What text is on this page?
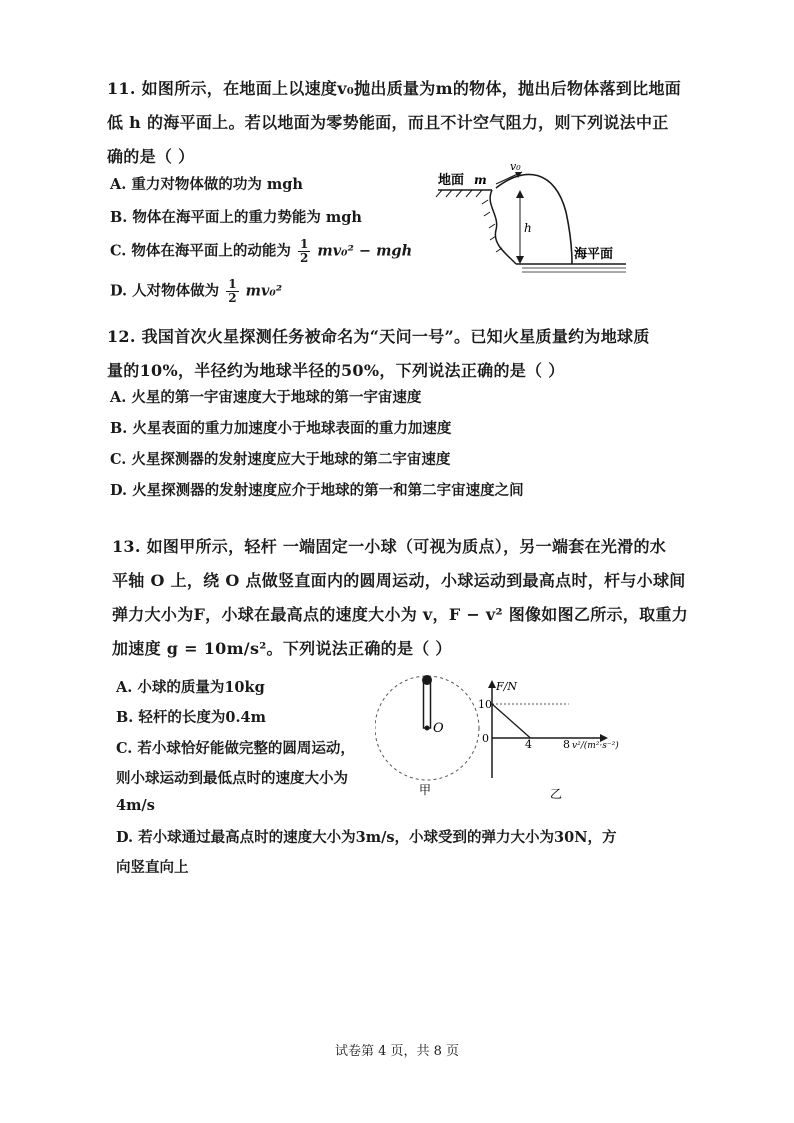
11. 如图所示，在地面上以速度v₀抛出质量为m的物体，抛出后物体落到比地面
低 h 的海平面上。若以地面为零势能面，而且不计空气阻力，则下列说法中正
确的是（ ）
A. 重力对物体做的功为 mgh
B. 物体在海平面上的重力势能为 mgh
C. 物体在海平面上的动能为 $\frac{1}{2} mv_0^2$ − mgh
D. 人对物体做为 $\frac{1}{2} mv_0^2$
地面 m
v₀
h
海平面
12. 我国首次火星探测任务被命名为“天问一号”。已知火星质量约为地球质
量的10%，半径约为地球半径的50%，下列说法正确的是（ ）
A. 火星的第一宇宙速度大于地球的第一宇宙速度
B. 火星表面的重力加速度小于地球表面的重力加速度
C. 火星探测器的发射速度应大于地球的第二宇宙速度
D. 火星探测器的发射速度应介于地球的第一和第二宇宙速度之间
13. 如图甲所示，轻杆 一端固定一小球（可视为质点），另一端套在光滑的水
平轴 O 上，绕 O 点做竖直面内的圆周运动，小球运动到最高点时，杆与小球间
弹力大小为F，小球在最高点的速度大小为 v，F − v² 图像如图乙所示，取重力
加速度 g = 10m/s²。下列说法正确的是（ ）
A. 小球的质量为10kg
B. 轻杆的长度为0.4m
C. 若小球恰好能做完整的圆周运动，
则小球运动到最低点时的速度大小为
4m/s
D. 若小球通过最高点时的速度大小为3m/s，小球受到的弹力大小为30N，方
向竖直向上
O
甲
F/N
10
0	4	8 v²/(m²·s⁻²)
乙
试卷第 4 页，共 8 页
